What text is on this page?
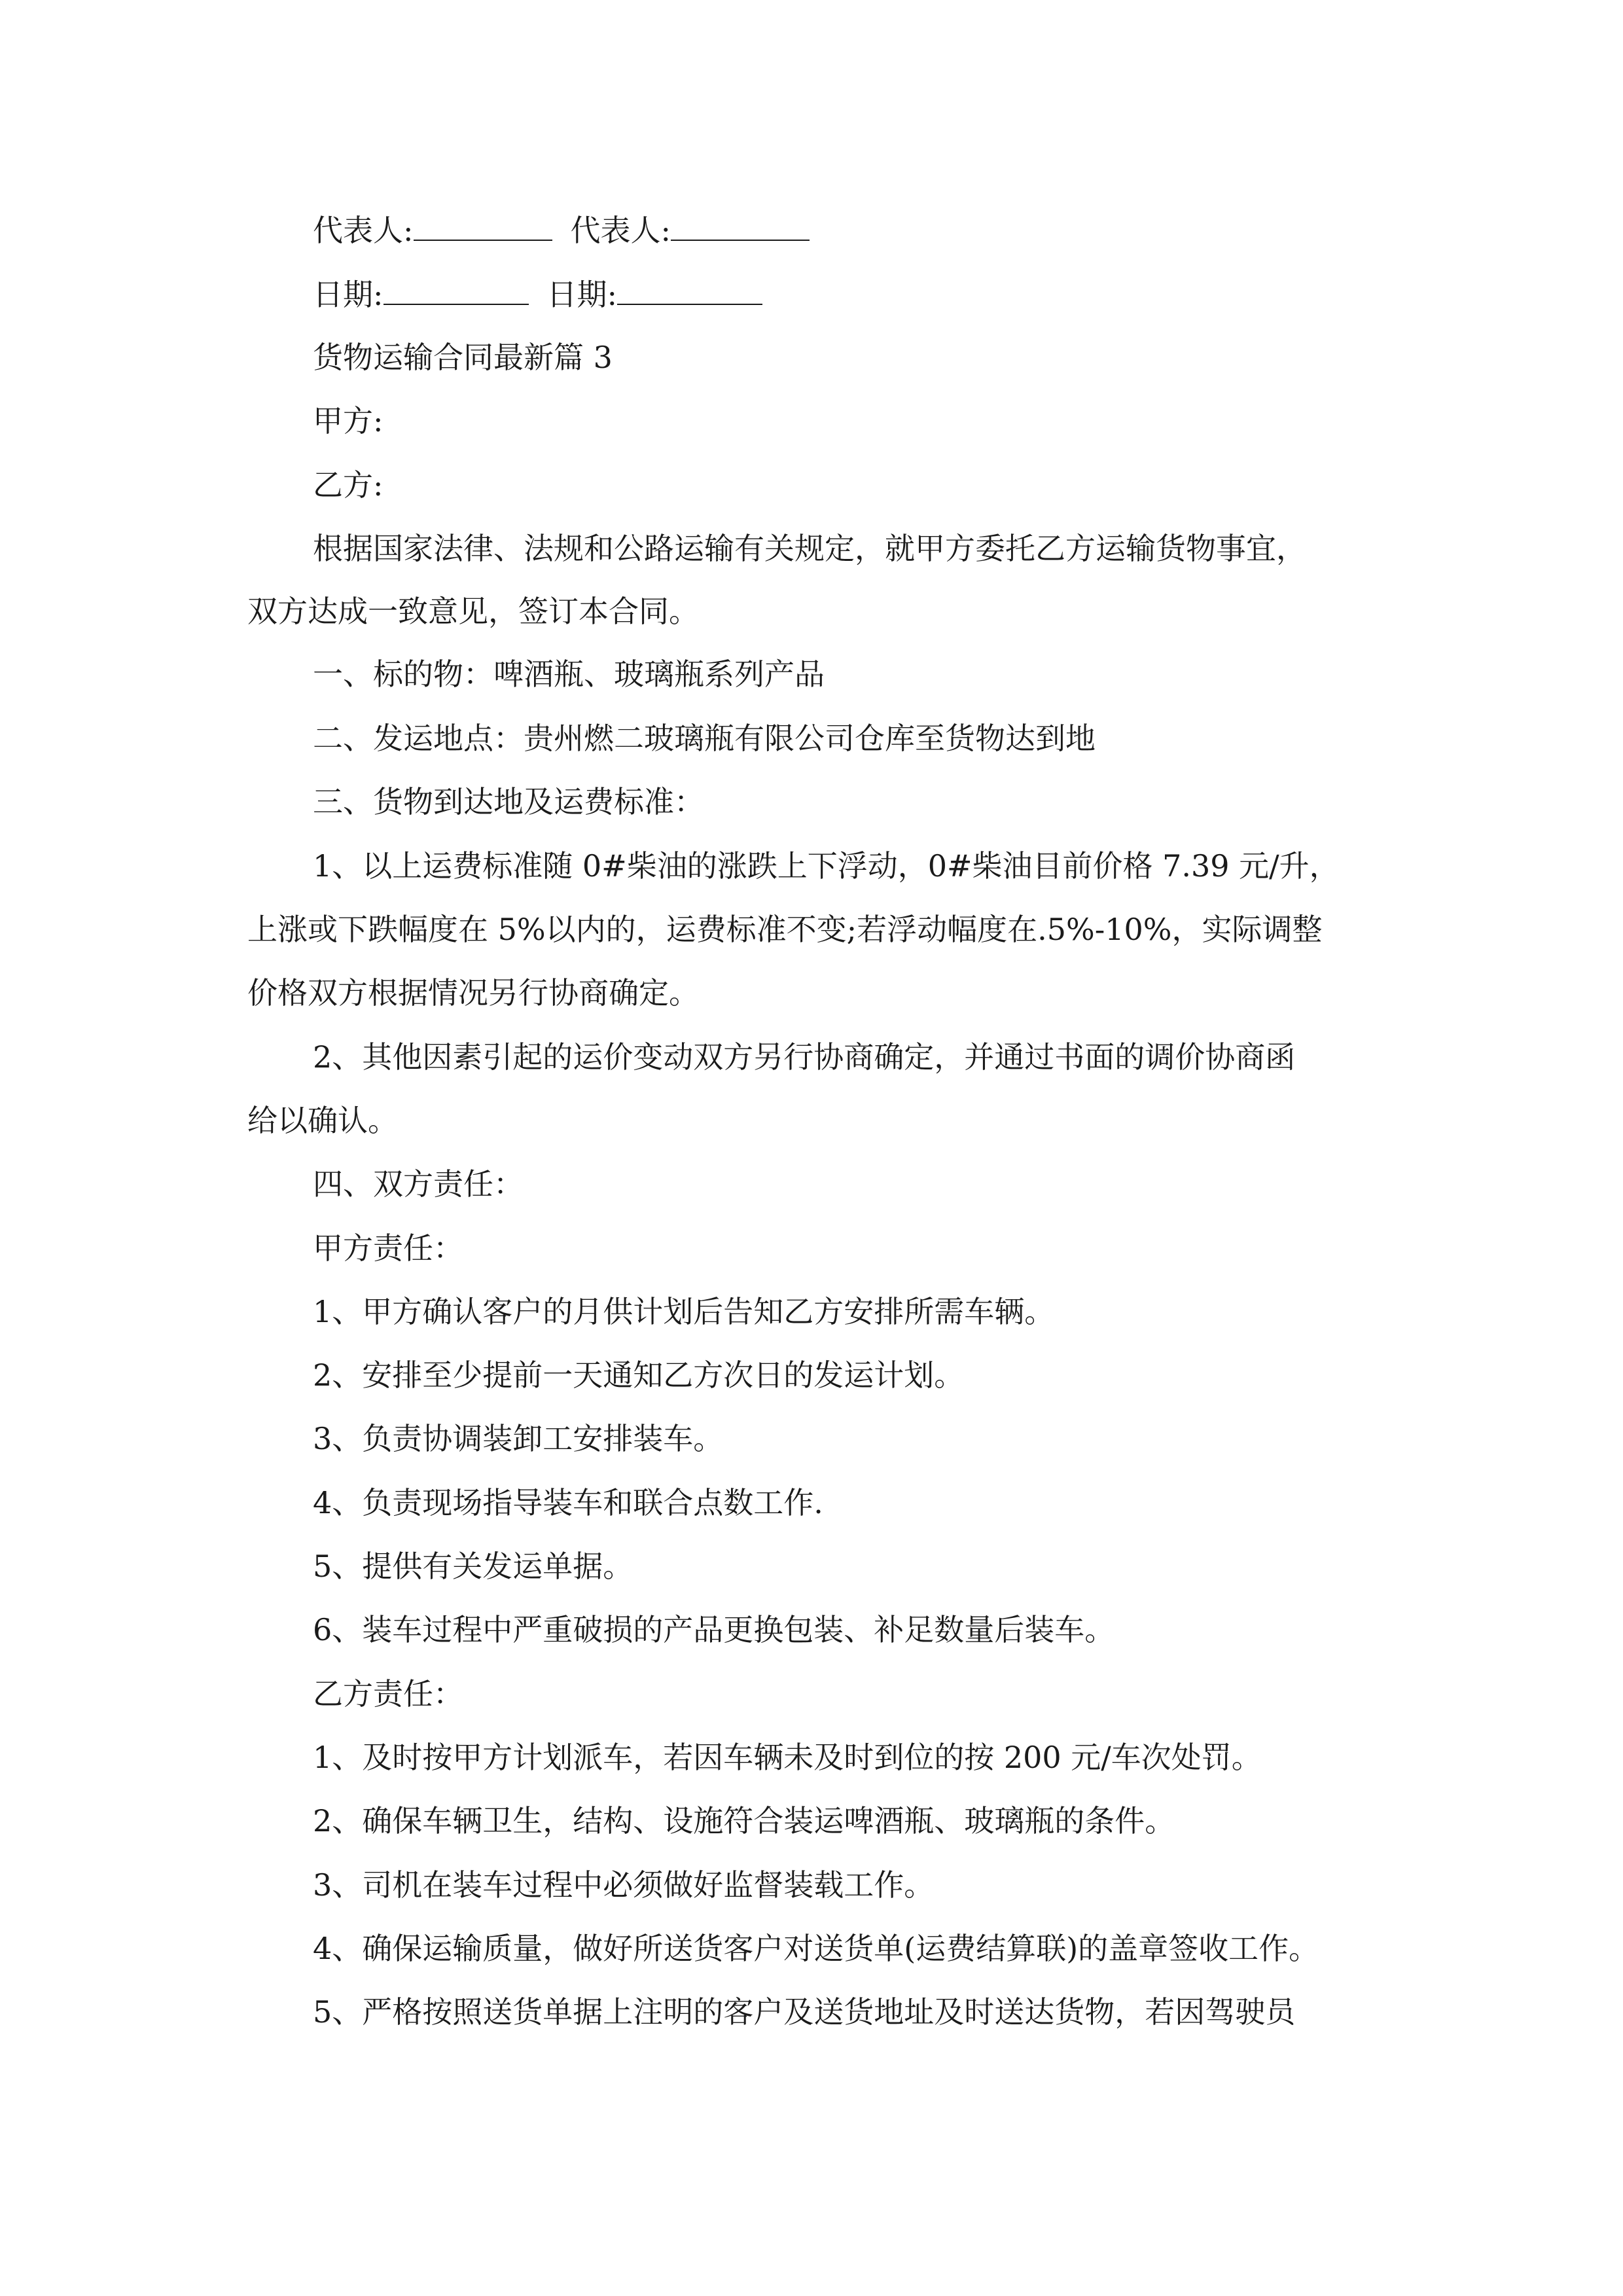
代表人:	代表人:
日期:	日期:
货物运输合同最新篇 3
甲方:
乙方:
根据国家法律、法规和公路运输有关规定，就甲方委托乙方运输货物事宜，
双方达成一致意见，签订本合同。
一、标的物：啤酒瓶、玻璃瓶系列产品
二、发运地点：贵州燃二玻璃瓶有限公司仓库至货物达到地
三、货物到达地及运费标准：
1、以上运费标准随 0#柴油的涨跌上下浮动，0#柴油目前价格 7.39 元/升，
上涨或下跌幅度在 5%以内的，运费标准不变;若浮动幅度在.5%-10%，实际调整
价格双方根据情况另行协商确定。
2、其他因素引起的运价变动双方另行协商确定，并通过书面的调价协商函
给以确认。
四、双方责任：
甲方责任：
1、甲方确认客户的月供计划后告知乙方安排所需车辆。
2、安排至少提前一天通知乙方次日的发运计划。
3、负责协调装卸工安排装车。
4、负责现场指导装车和联合点数工作.
5、提供有关发运单据。
6、装车过程中严重破损的产品更换包装、补足数量后装车。
乙方责任：
1、及时按甲方计划派车，若因车辆未及时到位的按 200 元/车次处罚。
2、确保车辆卫生，结构、设施符合装运啤酒瓶、玻璃瓶的条件。
3、司机在装车过程中必须做好监督装载工作。
4、确保运输质量，做好所送货客户对送货单(运费结算联)的盖章签收工作。
5、严格按照送货单据上注明的客户及送货地址及时送达货物，若因驾驶员
